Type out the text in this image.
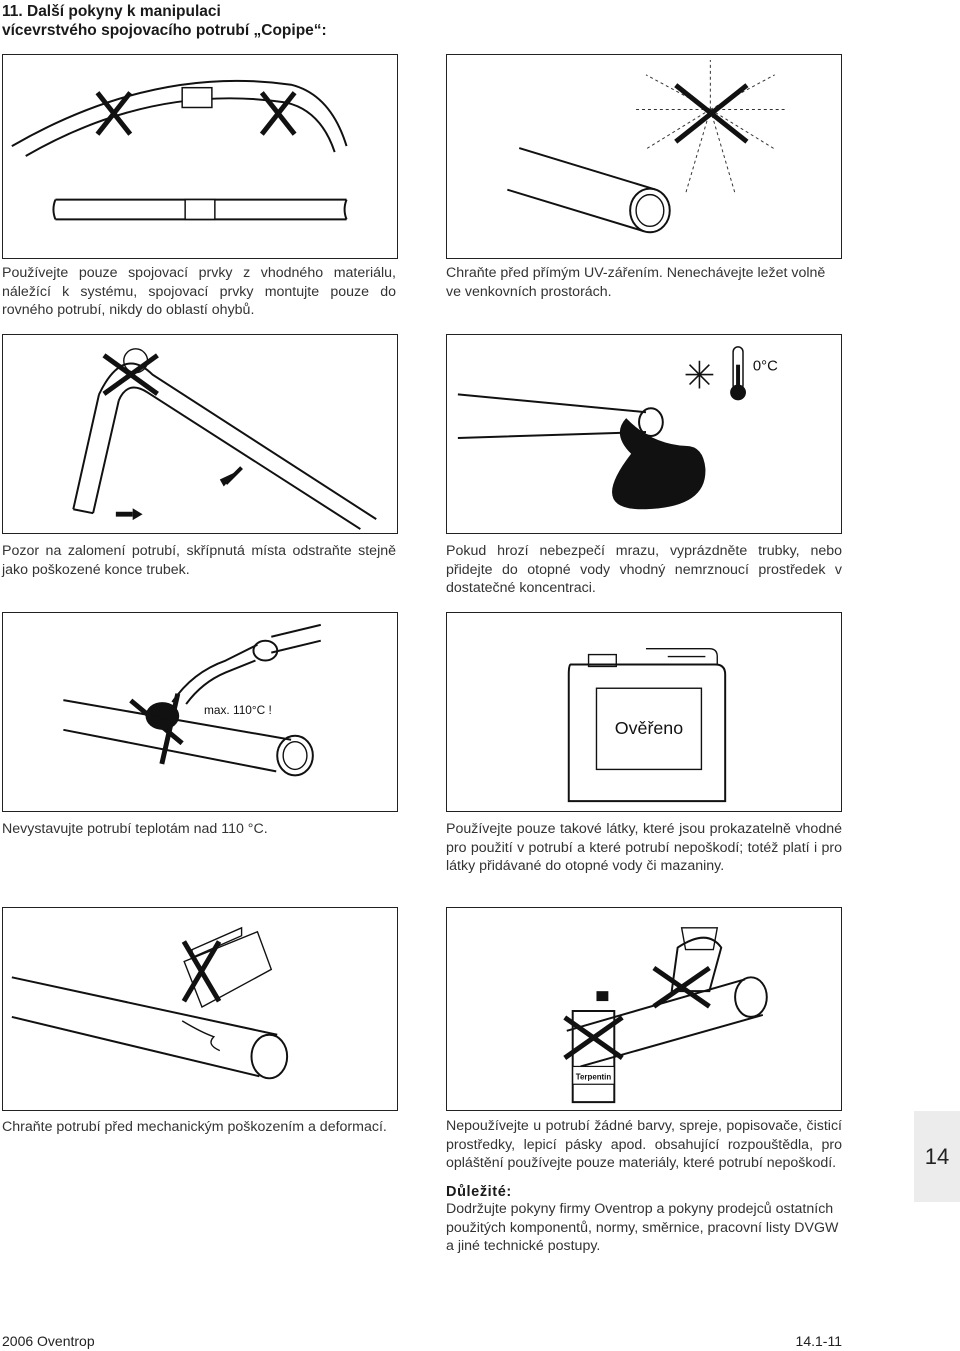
11. Další pokyny k manipulaci
vícevrstvého spojovacího potrubí „Copipe“:
Používejte pouze spojovací prvky z vhodného materiálu, náležící k systému, spojovací prvky montujte pouze do rovného potrubí, nikdy do oblastí ohybů.
Chraňte před přímým UV-zářením. Nenechávejte ležet volně ve venkovních prostorách.
Pozor na zalomení potrubí, skřípnutá místa odstraňte stejně jako poškozené konce trubek.
0°C
Pokud hrozí nebezpečí mrazu, vyprázdněte trubky, nebo přidejte do otopné vody vhodný nemrznoucí prostředek v dostatečné koncentraci.
max. 110°C !
Nevystavujte potrubí teplotám nad 110 °C.
Ověřeno
Používejte pouze takové látky, které jsou prokazatelně vhodné pro použití v potrubí a které potrubí nepoškodí; totéž platí i pro látky přidávané do otopné vody či mazaniny.
Chraňte potrubí před mechanickým poškozením a deformací.
Terpentin
Nepoužívejte u potrubí žádné barvy, spreje, popisovače, čisticí prostředky, lepicí pásky apod. obsahující rozpouštědla, pro opláštění používejte pouze materiály, které potrubí nepoškodí.
Důležité:
Dodržujte pokyny firmy Oventrop a pokyny prodejců ostatních použitých komponentů, normy, směrnice, pracovní listy DVGW a jiné technické postupy.
14
2006 Oventrop	14.1-11
